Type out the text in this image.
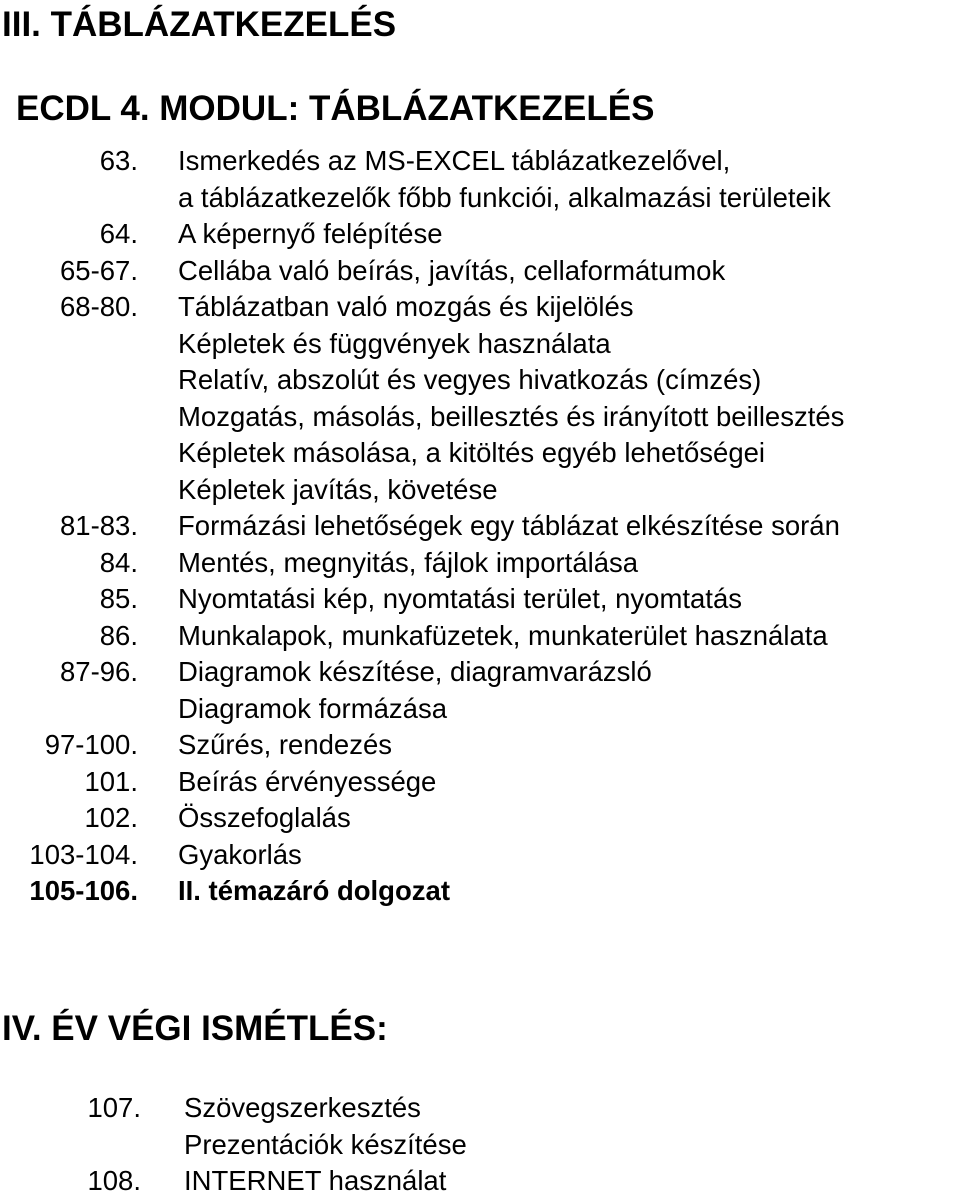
III. TÁBLÁZATKEZELÉS
ECDL 4. MODUL: TÁBLÁZATKEZELÉS
63. Ismerkedés az MS-EXCEL táblázatkezelővel,
a táblázatkezelők főbb funkciói, alkalmazási területeik
64. A képernyő felépítése
65-67. Cellába való beírás, javítás, cellaformátumok
68-80. Táblázatban való mozgás és kijelölés
Képletek és függvények használata
Relatív, abszolút és vegyes hivatkozás (címzés)
Mozgatás, másolás, beillesztés és irányított beillesztés
Képletek másolása, a kitöltés egyéb lehetőségei
Képletek javítás, követése
81-83. Formázási lehetőségek egy táblázat elkészítése során
84. Mentés, megnyitás, fájlok importálása
85. Nyomtatási kép, nyomtatási terület, nyomtatás
86. Munkalapok, munkafüzetek, munkaterület használata
87-96. Diagramok készítése, diagramvarázsló
Diagramok formázása
97-100. Szűrés, rendezés
101. Beírás érvényessége
102. Összefoglalás
103-104. Gyakorlás
105-106. II. témazáró dolgozat
IV. ÉV VÉGI ISMÉTLÉS:
107. Szövegszerkesztés
Prezentációk készítése
108. INTERNET használat
